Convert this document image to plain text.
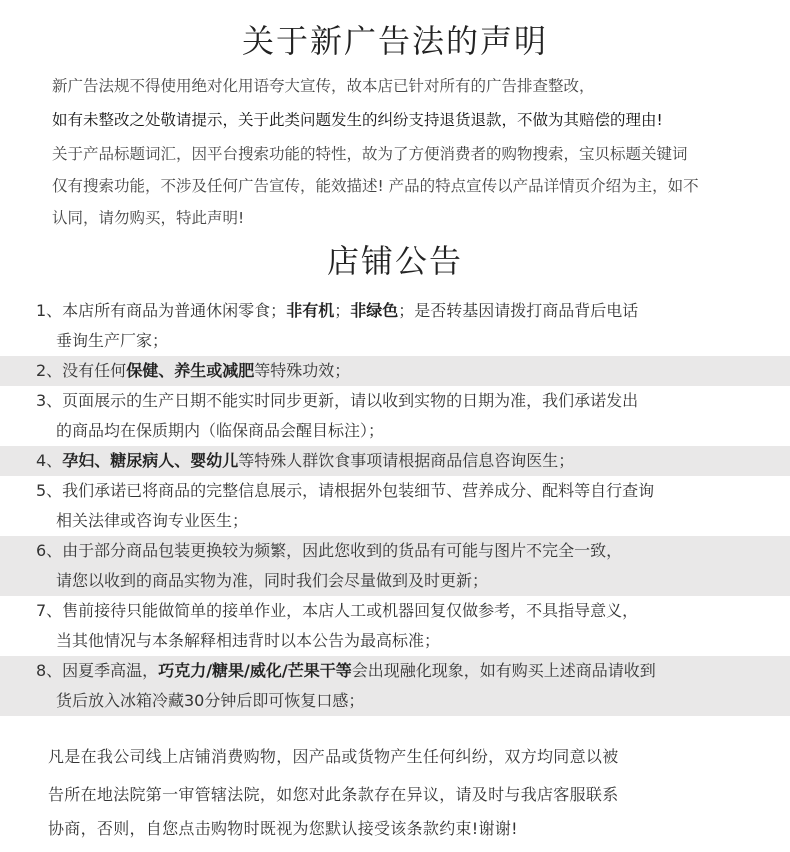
关于新广告法的声明
新广告法规不得使用绝对化用语夸大宣传，故本店已针对所有的广告排查整改，
如有未整改之处敬请提示，关于此类问题发生的纠纷支持退货退款，不做为其赔偿的理由!
关于产品标题词汇，因平台搜索功能的特性，故为了方便消费者的购物搜索，宝贝标题关键词
仅有搜索功能，不涉及任何广告宣传，能效描述! 产品的特点宣传以产品详情页介绍为主，如不
认同，请勿购买，特此声明!
店铺公告
1、本店所有商品为普通休闲零食；非有机；非绿色；是否转基因请拨打商品背后电话
垂询生产厂家；
2、没有任何保健、养生或减肥等特殊功效；
3、页面展示的生产日期不能实时同步更新，请以收到实物的日期为准，我们承诺发出
的商品均在保质期内（临保商品会醒目标注）；
4、孕妇、糖尿病人、婴幼儿等特殊人群饮食事项请根据商品信息咨询医生；
5、我们承诺已将商品的完整信息展示，请根据外包装细节、营养成分、配料等自行查询
相关法律或咨询专业医生；
6、由于部分商品包装更换较为频繁，因此您收到的货品有可能与图片不完全一致，
请您以收到的商品实物为准，同时我们会尽量做到及时更新；
7、售前接待只能做简单的接单作业，本店人工或机器回复仅做参考，不具指导意义，
当其他情况与本条解释相违背时以本公告为最高标准；
8、因夏季高温，巧克力/糖果/威化/芒果干等会出现融化现象，如有购买上述商品请收到
货后放入冰箱冷藏30分钟后即可恢复口感；
凡是在我公司线上店铺消费购物，因产品或货物产生任何纠纷，双方均同意以被
告所在地法院第一审管辖法院，如您对此条款存在异议，请及时与我店客服联系
协商，否则，自您点击购物时既视为您默认接受该条款约束!谢谢!
